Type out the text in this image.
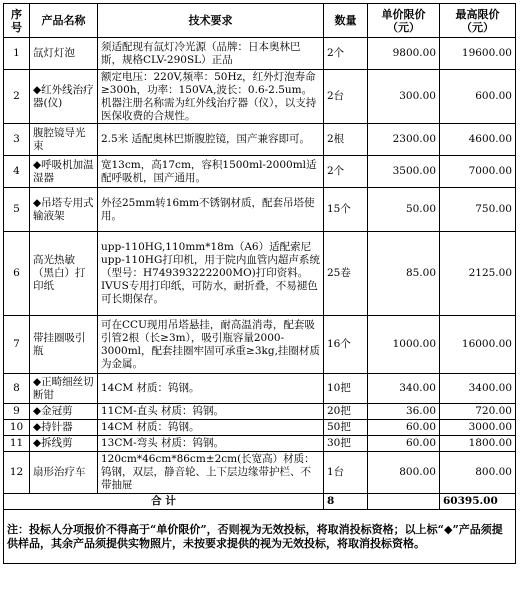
序号	产品名称	技术要求	数量	单价限价（元）	最高限价（元）
1	氙灯灯泡	须适配现有氙灯冷光源（品牌：日本奥林巴斯，规格CLV-290SL）正品	2个	9800.00	19600.00
2	◆红外线治疗器(仪)	额定电压：220V,频率：50Hz，红外灯泡寿命≥300h，功率：150VA,波长：0.6-2.5um。机器注册名称需为红外线治疗器（仪），以支持医保收费的合规性。	2台	300.00	600.00
3	腹腔镜导光束	2.5米 适配奥林巴斯腹腔镜，国产兼容即可。	2根	2300.00	4600.00
4	◆呼吸机加温湿器	宽13cm，高17cm，容积1500ml-2000ml适配呼吸机，国产通用。	2个	3500.00	7000.00
5	◆吊塔专用式输液架	外径25mm转16mm不锈钢材质，配套吊塔使用。	15个	50.00	750.00
6	高光热敏（黑白）打印纸	upp-110HG,110mm*18m（A6）适配索尼upp-110HG打印机，用于院内血管内超声系统（型号：H749393222200MO)打印资料。IVUS专用打印纸，可防水，耐折叠，不易褪色可长期保存。	25卷	85.00	2125.00
7	带挂圈吸引瓶	可在CCU现用吊塔悬挂，耐高温消毒，配套吸引管2根（长≥3m），吸引瓶容量2000-3000ml，配套挂圈牢固可承重≥3kg,挂圈材质为金属。	16个	1000.00	16000.00
8	◆正畸细丝切断钳	14CM 材质：钨钢。	10把	340.00	3400.00
9	◆金冠剪	11CM-直头 材质：钨钢。	20把	36.00	720.00
10	◆持针器	14CM 材质：钨钢。	50把	60.00	3000.00
11	◆拆线剪	13CM-弯头 材质：钨钢。	30把	60.00	1800.00
12	扇形治疗车	120cm*46cm*86cm±2cm(长宽高）材质：钨钢，双层，静音轮、上下层边缘带护栏、不带抽屉	1台	800.00	800.00
合 计			8		60395.00
注：投标人分项报价不得高于“单价限价”，否则视为无效投标，将取消投标资格；以上标“◆”产品须提供样品，其余产品须提供实物照片，未按要求提供的视为无效投标，将取消投标资格。					
